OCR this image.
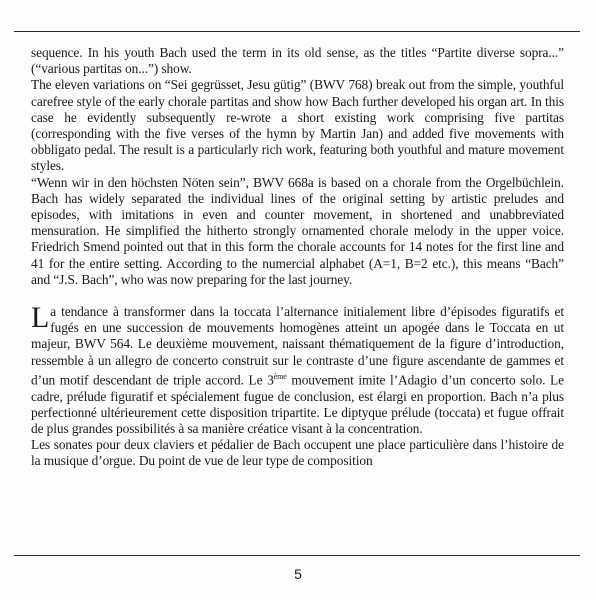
sequence. In his youth Bach used the term in its old sense, as the titles “Partite diverse sopra...” (“various partitas on...”) show.

The eleven variations on “Sei gegrüsset, Jesu gütig” (BWV 768) break out from the simple, youthful carefree style of the early chorale partitas and show how Bach further developed his organ art. In this case he evidently subsequently re-wrote a short existing work comprising five partitas (corresponding with the five verses of the hymn by Martin Jan) and added five movements with obbligato pedal. The result is a particularly rich work, featuring both youthful and mature movement styles.

“Wenn wir in den höchsten Nöten sein”, BWV 668a is based on a chorale from the Orgelbüchlein. Bach has widely separated the individual lines of the original setting by artistic preludes and episodes, with imitations in even and counter movement, in shortened and unabbreviated mensuration. He simplified the hitherto strongly ornamented chorale melody in the upper voice. Friedrich Smend pointed out that in this form the chorale accounts for 14 notes for the first line and 41 for the entire setting. According to the numercial alphabet (A=1, B=2 etc.), this means “Bach” and “J.S. Bach”, who was now preparing for the last journey.

La tendance à transformer dans la toccata l’alternance initialement libre d’épisodes figuratifs et fugés en une succession de mouvements homogènes atteint un apogée dans le Toccata en ut majeur, BWV 564. Le deuxième mouvement, naissant thématiquement de la figure d’introduction, ressemble à un allegro de concerto construit sur le contraste d’une figure ascendante de gammes et d’un motif descendant de triple accord. Le 3ème mouvement imite l’Adagio d’un concerto solo. Le cadre, prélude figuratif et spécialement fugue de conclusion, est élargi en proportion. Bach n’a plus perfectionné ultérieurement cette disposition tripartite. Le diptyque prélude (toccata) et fugue offrait de plus grandes possibilités à sa manière créatice visant à la concentration.

Les sonates pour deux claviers et pédalier de Bach occupent une place particulière dans l’histoire de la musique d’orgue. Du point de vue de leur type de composition

5
